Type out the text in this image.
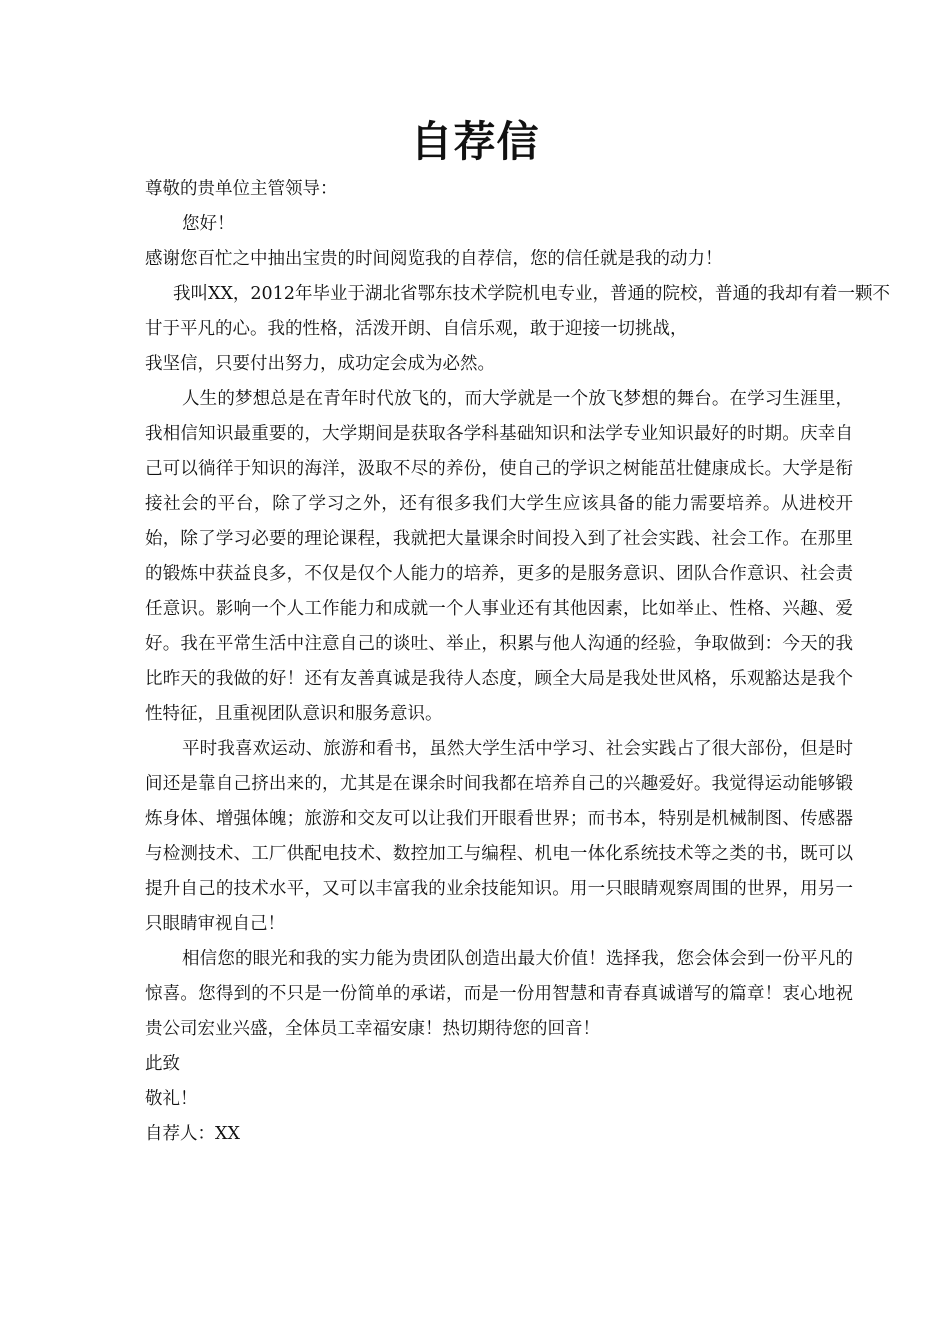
自荐信
尊敬的贵单位主管领导：
您好！
感谢您百忙之中抽出宝贵的时间阅览我的自荐信，您的信任就是我的动力！
我叫XX，2012年毕业于湖北省鄂东技术学院机电专业，普通的院校，普通的我却有着一颗不
甘于平凡的心。我的性格，活泼开朗、自信乐观，敢于迎接一切挑战，
我坚信，只要付出努力，成功定会成为必然。

人生的梦想总是在青年时代放飞的，而大学就是一个放飞梦想的舞台。在学习生涯里，我相信知识最重要的，大学期间是获取各学科基础知识和法学专业知识最好的时期。庆幸自己可以徜徉于知识的海洋，汲取不尽的养份，使自己的学识之树能茁壮健康成长。大学是衔接社会的平台，除了学习之外，还有很多我们大学生应该具备的能力需要培养。从进校开始，除了学习必要的理论课程，我就把大量课余时间投入到了社会实践、社会工作。在那里的锻炼中获益良多，不仅是仅个人能力的培养，更多的是服务意识、团队合作意识、社会责任意识。影响一个人工作能力和成就一个人事业还有其他因素，比如举止、性格、兴趣、爱好。我在平常生活中注意自己的谈吐、举止，积累与他人沟通的经验，争取做到：今天的我比昨天的我做的好！还有友善真诚是我待人态度，顾全大局是我处世风格，乐观豁达是我个性特征，且重视团队意识和服务意识。

平时我喜欢运动、旅游和看书，虽然大学生活中学习、社会实践占了很大部份，但是时间还是靠自己挤出来的，尤其是在课余时间我都在培养自己的兴趣爱好。我觉得运动能够锻炼身体、增强体魄；旅游和交友可以让我们开眼看世界；而书本，特别是机械制图、传感器与检测技术、工厂供配电技术、数控加工与编程、机电一体化系统技术等之类的书，既可以提升自己的技术水平，又可以丰富我的业余技能知识。用一只眼睛观察周围的世界，用另一只眼睛审视自己！

相信您的眼光和我的实力能为贵团队创造出最大价值！选择我，您会体会到一份平凡的惊喜。您得到的不只是一份简单的承诺，而是一份用智慧和青春真诚谱写的篇章！衷心地祝贵公司宏业兴盛，全体员工幸福安康！热切期待您的回音！

此致
敬礼！
自荐人：XX
